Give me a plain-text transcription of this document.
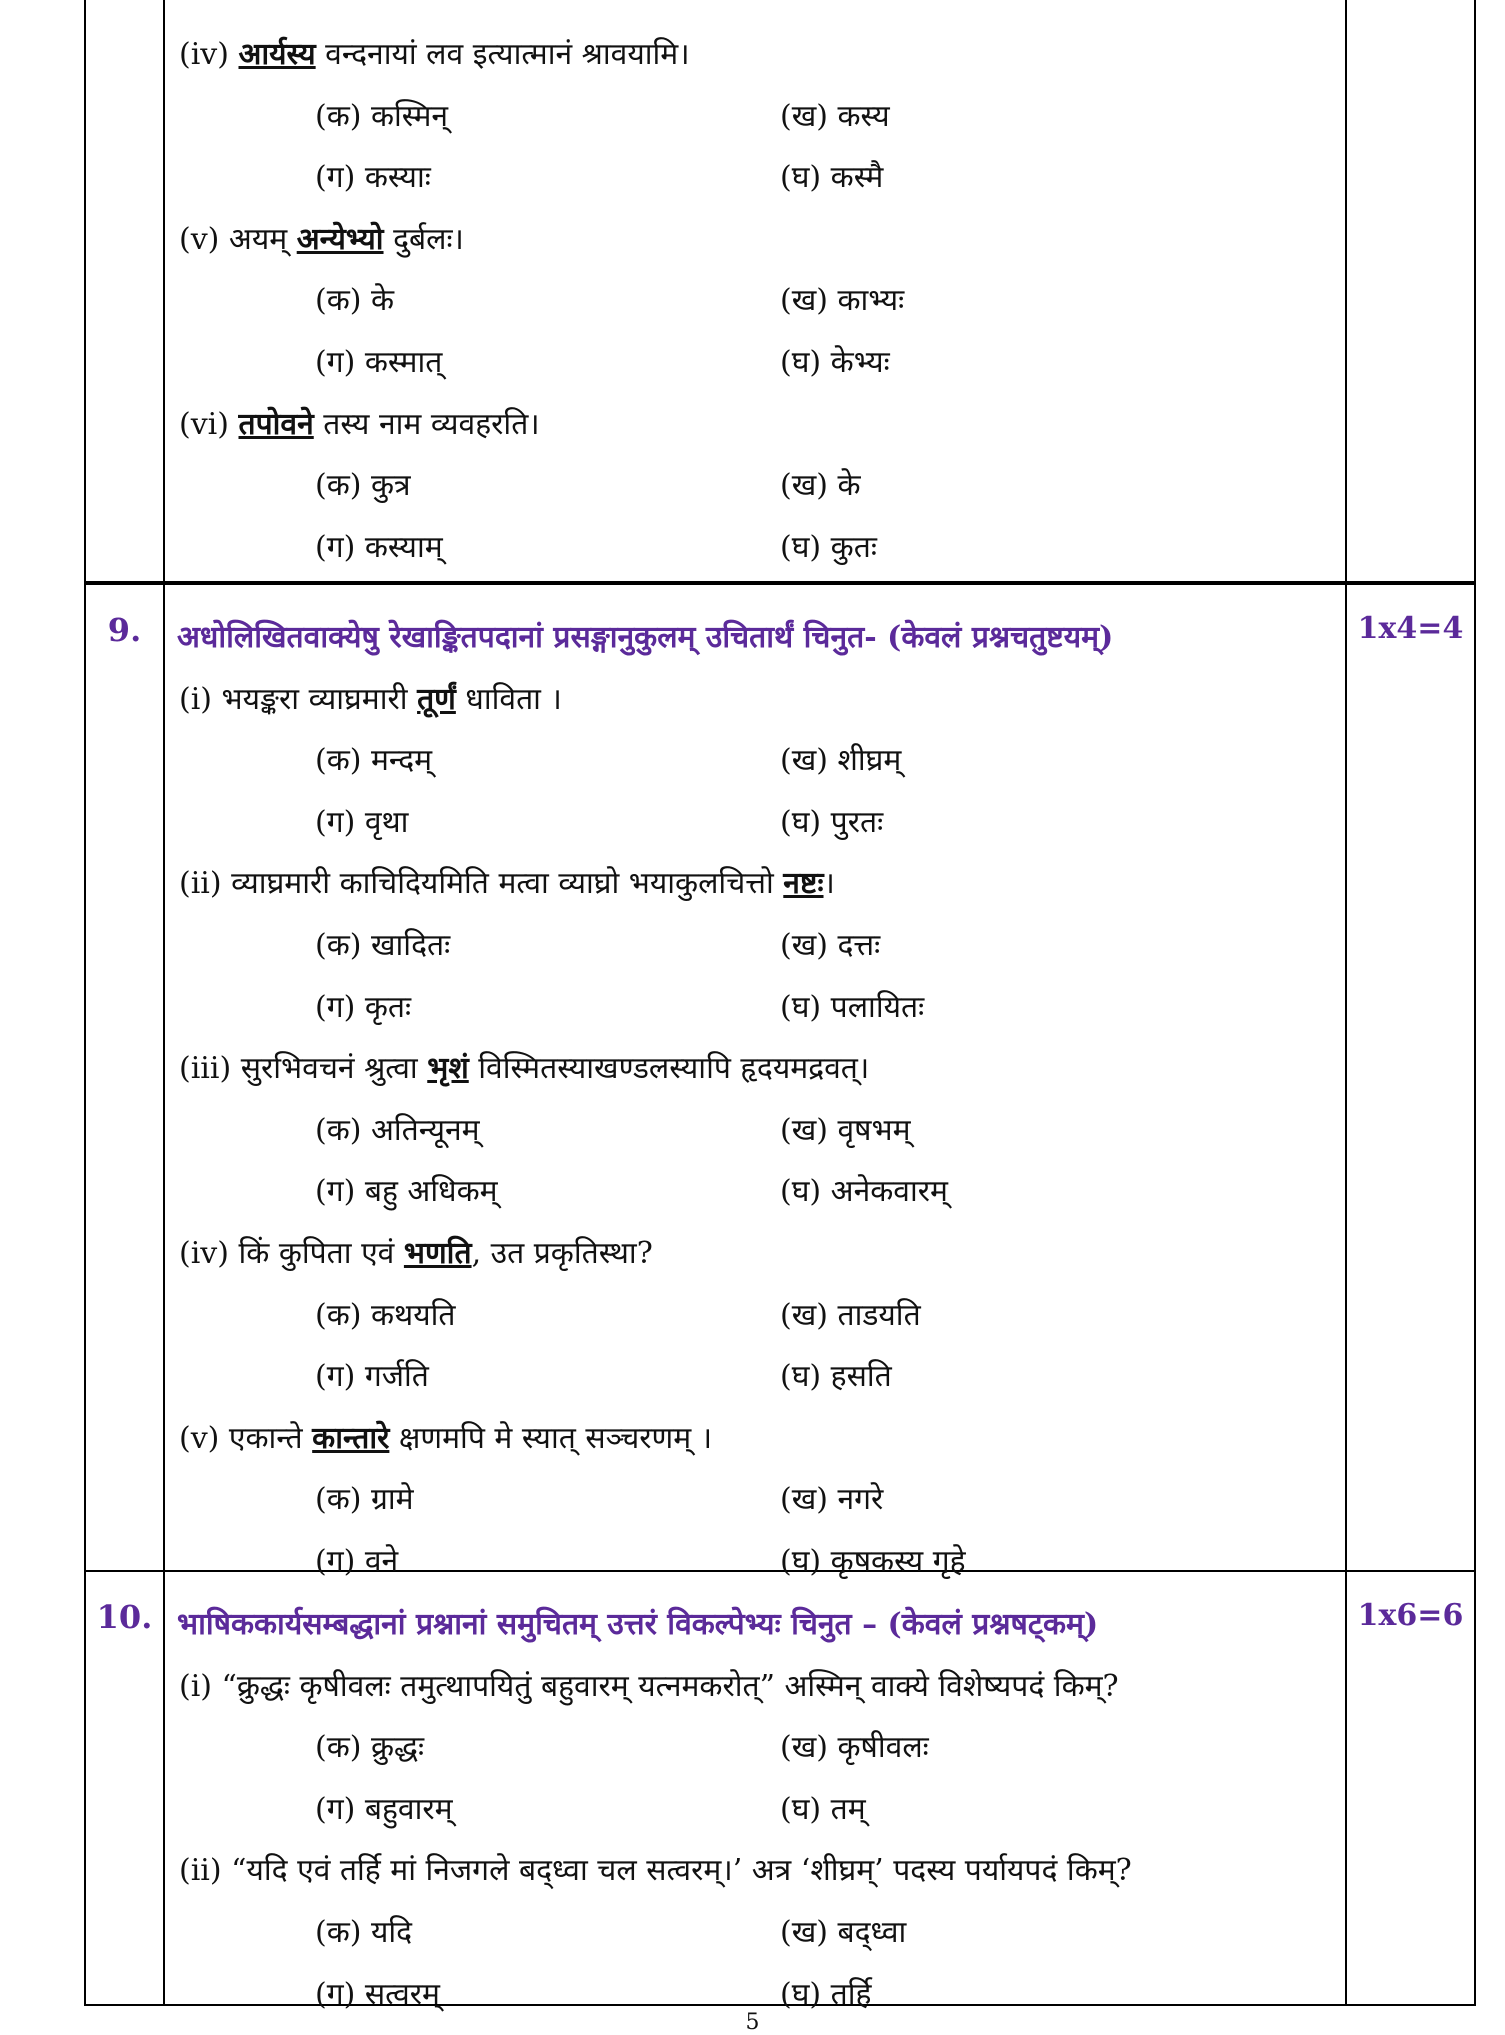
(iv) आर्यस्य वन्दनायां लव इत्यात्मानं श्रावयामि।
(क) कस्मिन्	(ख) कस्य
(ग) कस्याः	(घ) कस्मै
(v) अयम् अन्येभ्यो दुर्बलः।
(क) के	(ख) काभ्यः
(ग) कस्मात्	(घ) केभ्यः
(vi) तपोवने तस्य नाम व्यवहरति।
(क) कुत्र	(ख) के
(ग) कस्याम्	(घ) कुतः
9.	अधोलिखितवाक्येषु रेखाङ्कितपदानां प्रसङ्गानुकुलम् उचितार्थं चिनुत- (केवलं प्रश्नचतुष्टयम्)
(i) भयङ्करा व्याघ्रमारी तूर्णं धाविता ।
(क) मन्दम्	(ख) शीघ्रम्
(ग) वृथा	(घ) पुरतः
(ii) व्याघ्रमारी काचिदियमिति मत्वा व्याघ्रो भयाकुलचित्तो नष्टः।
(क) खादितः	(ख) दत्तः
(ग) कृतः	(घ) पलायितः
(iii) सुरभिवचनं श्रुत्वा भृशं विस्मितस्याखण्डलस्यापि हृदयमद्रवत्।
(क) अतिन्यूनम्	(ख) वृषभम्
(ग) बहु अधिकम्	(घ) अनेकवारम्
(iv) किं कुपिता एवं भणति, उत प्रकृतिस्था?
(क) कथयति	(ख) ताडयति
(ग) गर्जति	(घ) हसति
(v) एकान्ते कान्तारे क्षणमपि मे स्यात् सञ्चरणम् ।
(क) ग्रामे	(ख) नगरे
(ग) वने	(घ) कृषकस्य गृहे
1x4=4
10. भाषिककार्यसम्बद्धानां प्रश्नानां समुचितम् उत्तरं विकल्पेभ्यः चिनुत – (केवलं प्रश्नषट्कम्)
(i) “क्रुद्धः कृषीवलः तमुत्थापयितुं बहुवारम् यत्नमकरोत्” अस्मिन् वाक्ये विशेष्यपदं किम्?
(क) क्रुद्धः	(ख) कृषीवलः
(ग) बहुवारम्	(घ) तम्
(ii) “यदि एवं तर्हि मां निजगले बद्ध्वा चल सत्वरम्।’ अत्र ‘शीघ्रम्’ पदस्य पर्यायपदं किम्?
(क) यदि	(ख) बद्ध्वा
(ग) सत्वरम्	(घ) तर्हि
1x6=6
5
